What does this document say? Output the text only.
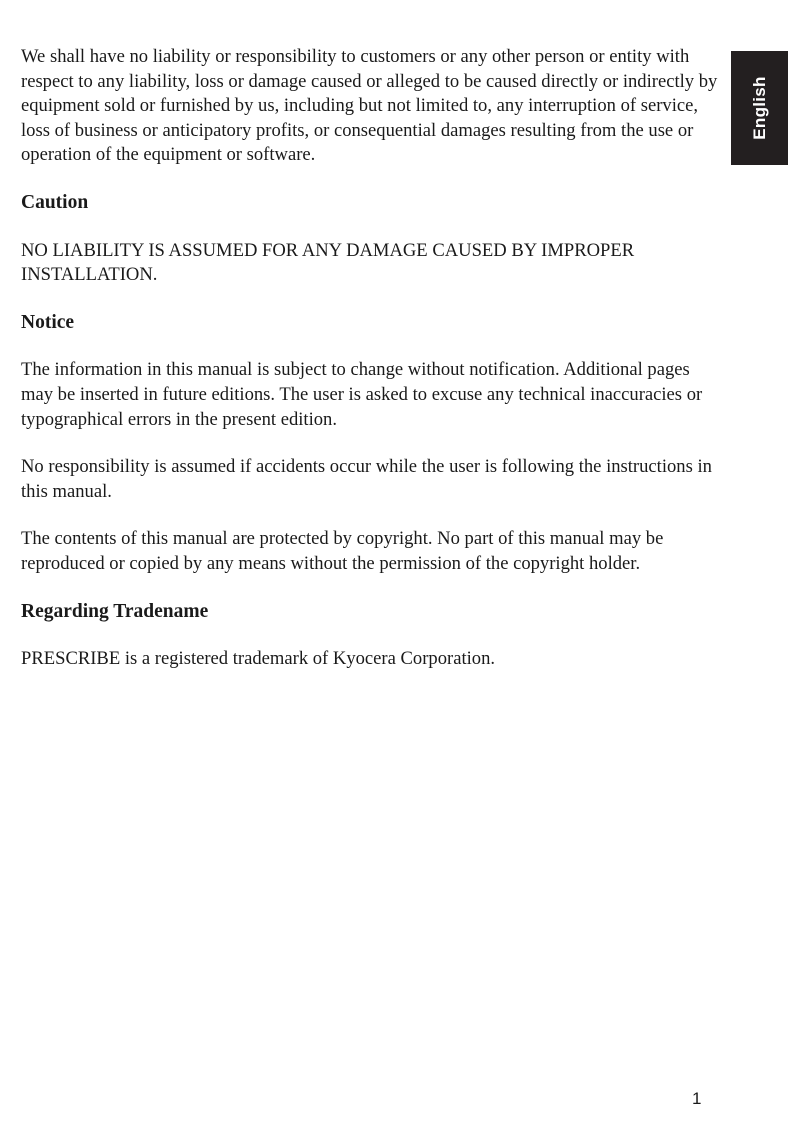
We shall have no liability or responsibility to customers or any other person or entity with respect to any liability, loss or damage caused or alleged to be caused directly or indirectly by equipment sold or furnished by us, including but not limited to, any interruption of service, loss of business or anticipatory profits, or consequential damages resulting from the use or operation of the equipment or software.

Caution

NO LIABILITY IS ASSUMED FOR ANY DAMAGE CAUSED BY IMPROPER INSTALLATION.

Notice

The information in this manual is subject to change without notification. Additional pages may be inserted in future editions. The user is asked to excuse any technical inaccuracies or typographical errors in the present edition.

No responsibility is assumed if accidents occur while the user is following the instructions in this manual.

The contents of this manual are protected by copyright. No part of this manual may be reproduced or copied by any means without the permission of the copyright holder.

Regarding Tradename

PRESCRIBE is a registered trademark of Kyocera Corporation.

English
1
